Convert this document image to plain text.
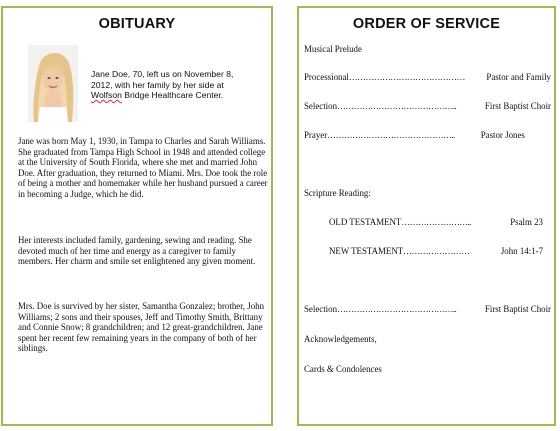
OBITUARY
Jane Doe, 70, left us on November 8,
2012, with her family by her side at
Wolfson Bridge Healthcare Center.
Jane was born May 1, 1930, in Tampa to Charles and Sarah Williams. She graduated from Tampa High School in 1948 and attended college at the University of South Florida, where she met and married John Doe. After graduation, they returned to Miami. Mrs. Doe took the role of being a mother and homemaker while her husband pursued a career in becoming a Judge, which he did.
Her interests included family, gardening, sewing and reading. She devoted much of her time and energy as a caregiver to family members. Her charm and smile set enlightened any given moment.
Mrs. Doe is survived by her sister, Samantha Gonzalez; brother, John Williams; 2 sons and their spouses, Jeff and Timothy Smith, Brittany and Connie Snow; 8 grandchildren; and 12 great-grandchildren. Jane spent her recent few remaining years in the company of both of her siblings.
ORDER OF SERVICE
Musical Prelude
Processional ……………………………………	Pastor and Family
Selection ……………………………………..	First Baptist Choir
Prayer ………………………………………..	Pastor Jones
Scripture Reading:
OLD TESTAMENT ……………………..	Psalm 23
NEW TESTAMENT ……………………	John 14:1-7
Selection ……………………………………..	First Baptist Choir
Acknowledgements,
Cards & Condolences
